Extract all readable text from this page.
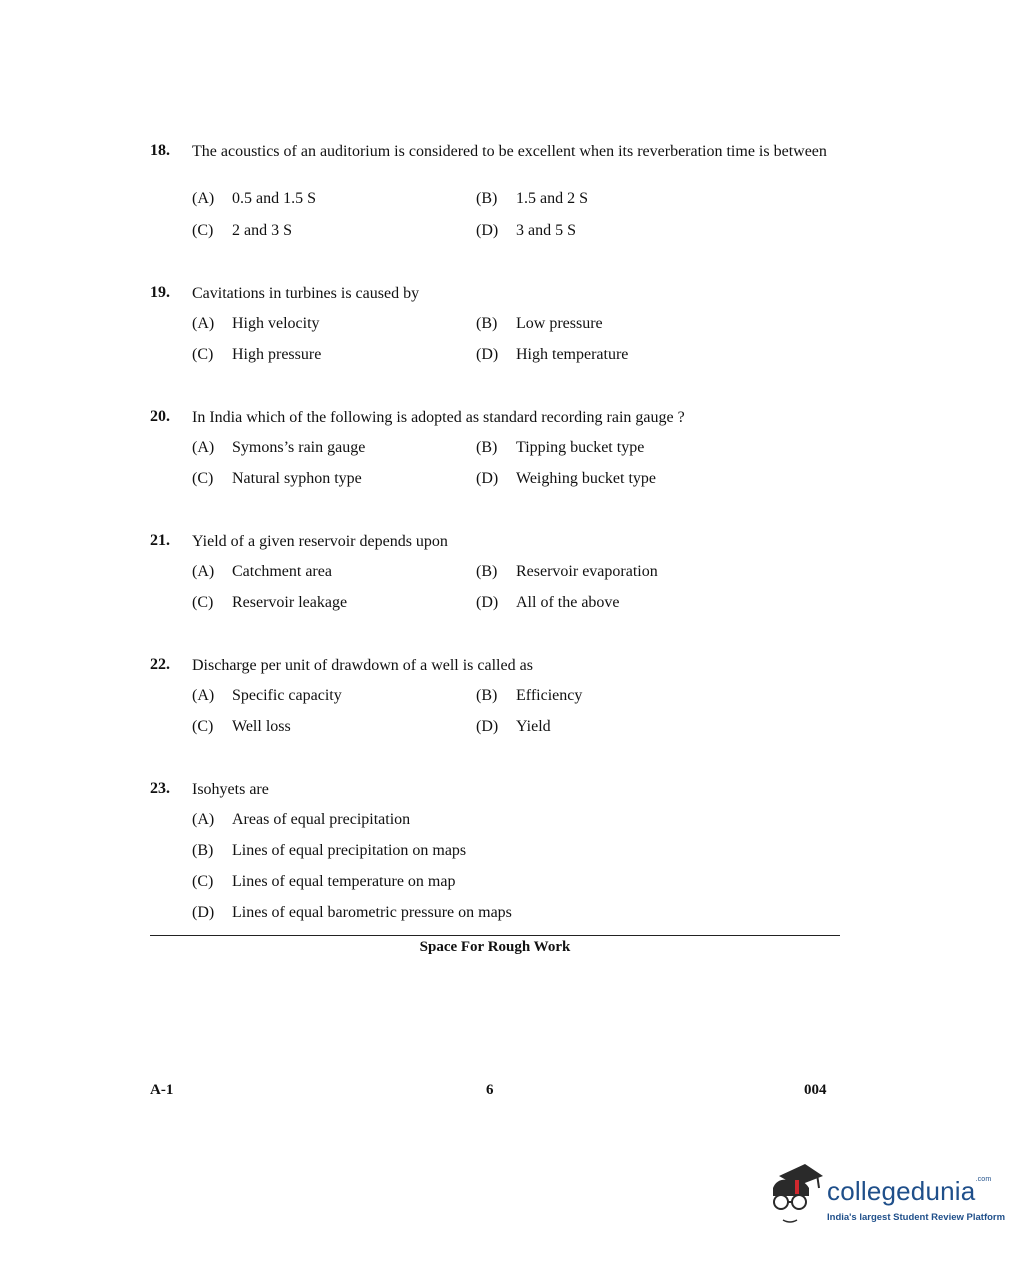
18. The acoustics of an auditorium is considered to be excellent when its reverberation time is between
(A) 0.5 and 1.5 S	(B) 1.5 and 2 S
(C) 2 and 3 S	(D) 3 and 5 S
19. Cavitations in turbines is caused by
(A) High velocity	(B) Low pressure
(C) High pressure	(D) High temperature
20. In India which of the following is adopted as standard recording rain gauge ?
(A) Symons’s rain gauge	(B) Tipping bucket type
(C) Natural syphon type	(D) Weighing bucket type
21. Yield of a given reservoir depends upon
(A) Catchment area	(B) Reservoir evaporation
(C) Reservoir leakage	(D) All of the above
22. Discharge per unit of drawdown of a well is called as
(A) Specific capacity	(B) Efficiency
(C) Well loss	(D) Yield
23. Isohyets are
(A) Areas of equal precipitation
(B) Lines of equal precipitation on maps
(C) Lines of equal temperature on map
(D) Lines of equal barometric pressure on maps
Space For Rough Work
A-1	6	004
collegedunia$^{.com}$
India's largest Student Review Platform
